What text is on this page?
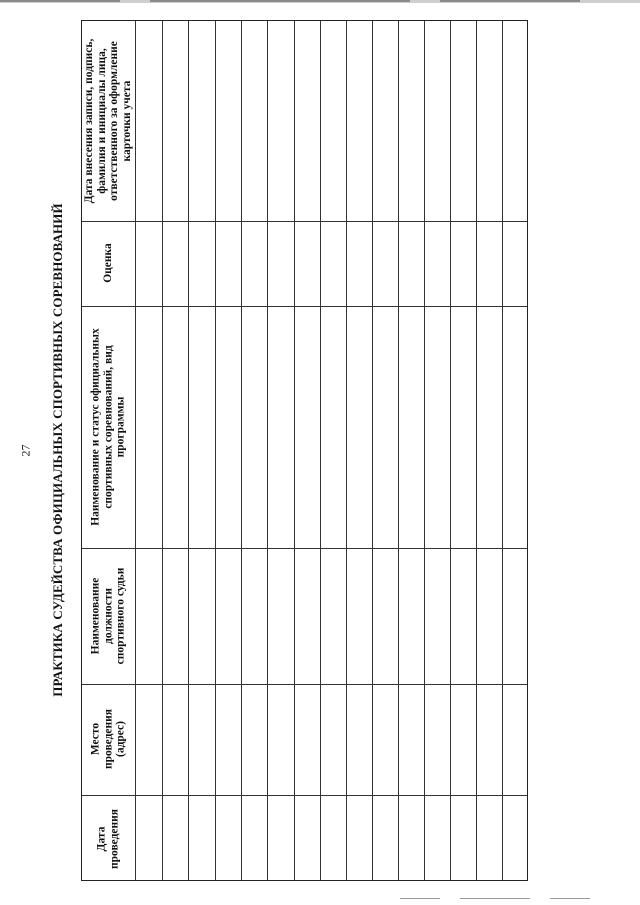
27 ПРАКТИКА СУДЕЙСТВА ОФИЦИАЛЬНЫХ СПОРТИВНЫХ СОРЕВНОВАНИЙ
Дата проведения
Место проведения (адрес)
Наименование должности спортивного судьи
Наименование и статус официальных спортивных соревнований, вид программы
Оценка
Дата внесения записи, подпись, фамилия и инициалы лица, ответственного за оформление карточки учета
